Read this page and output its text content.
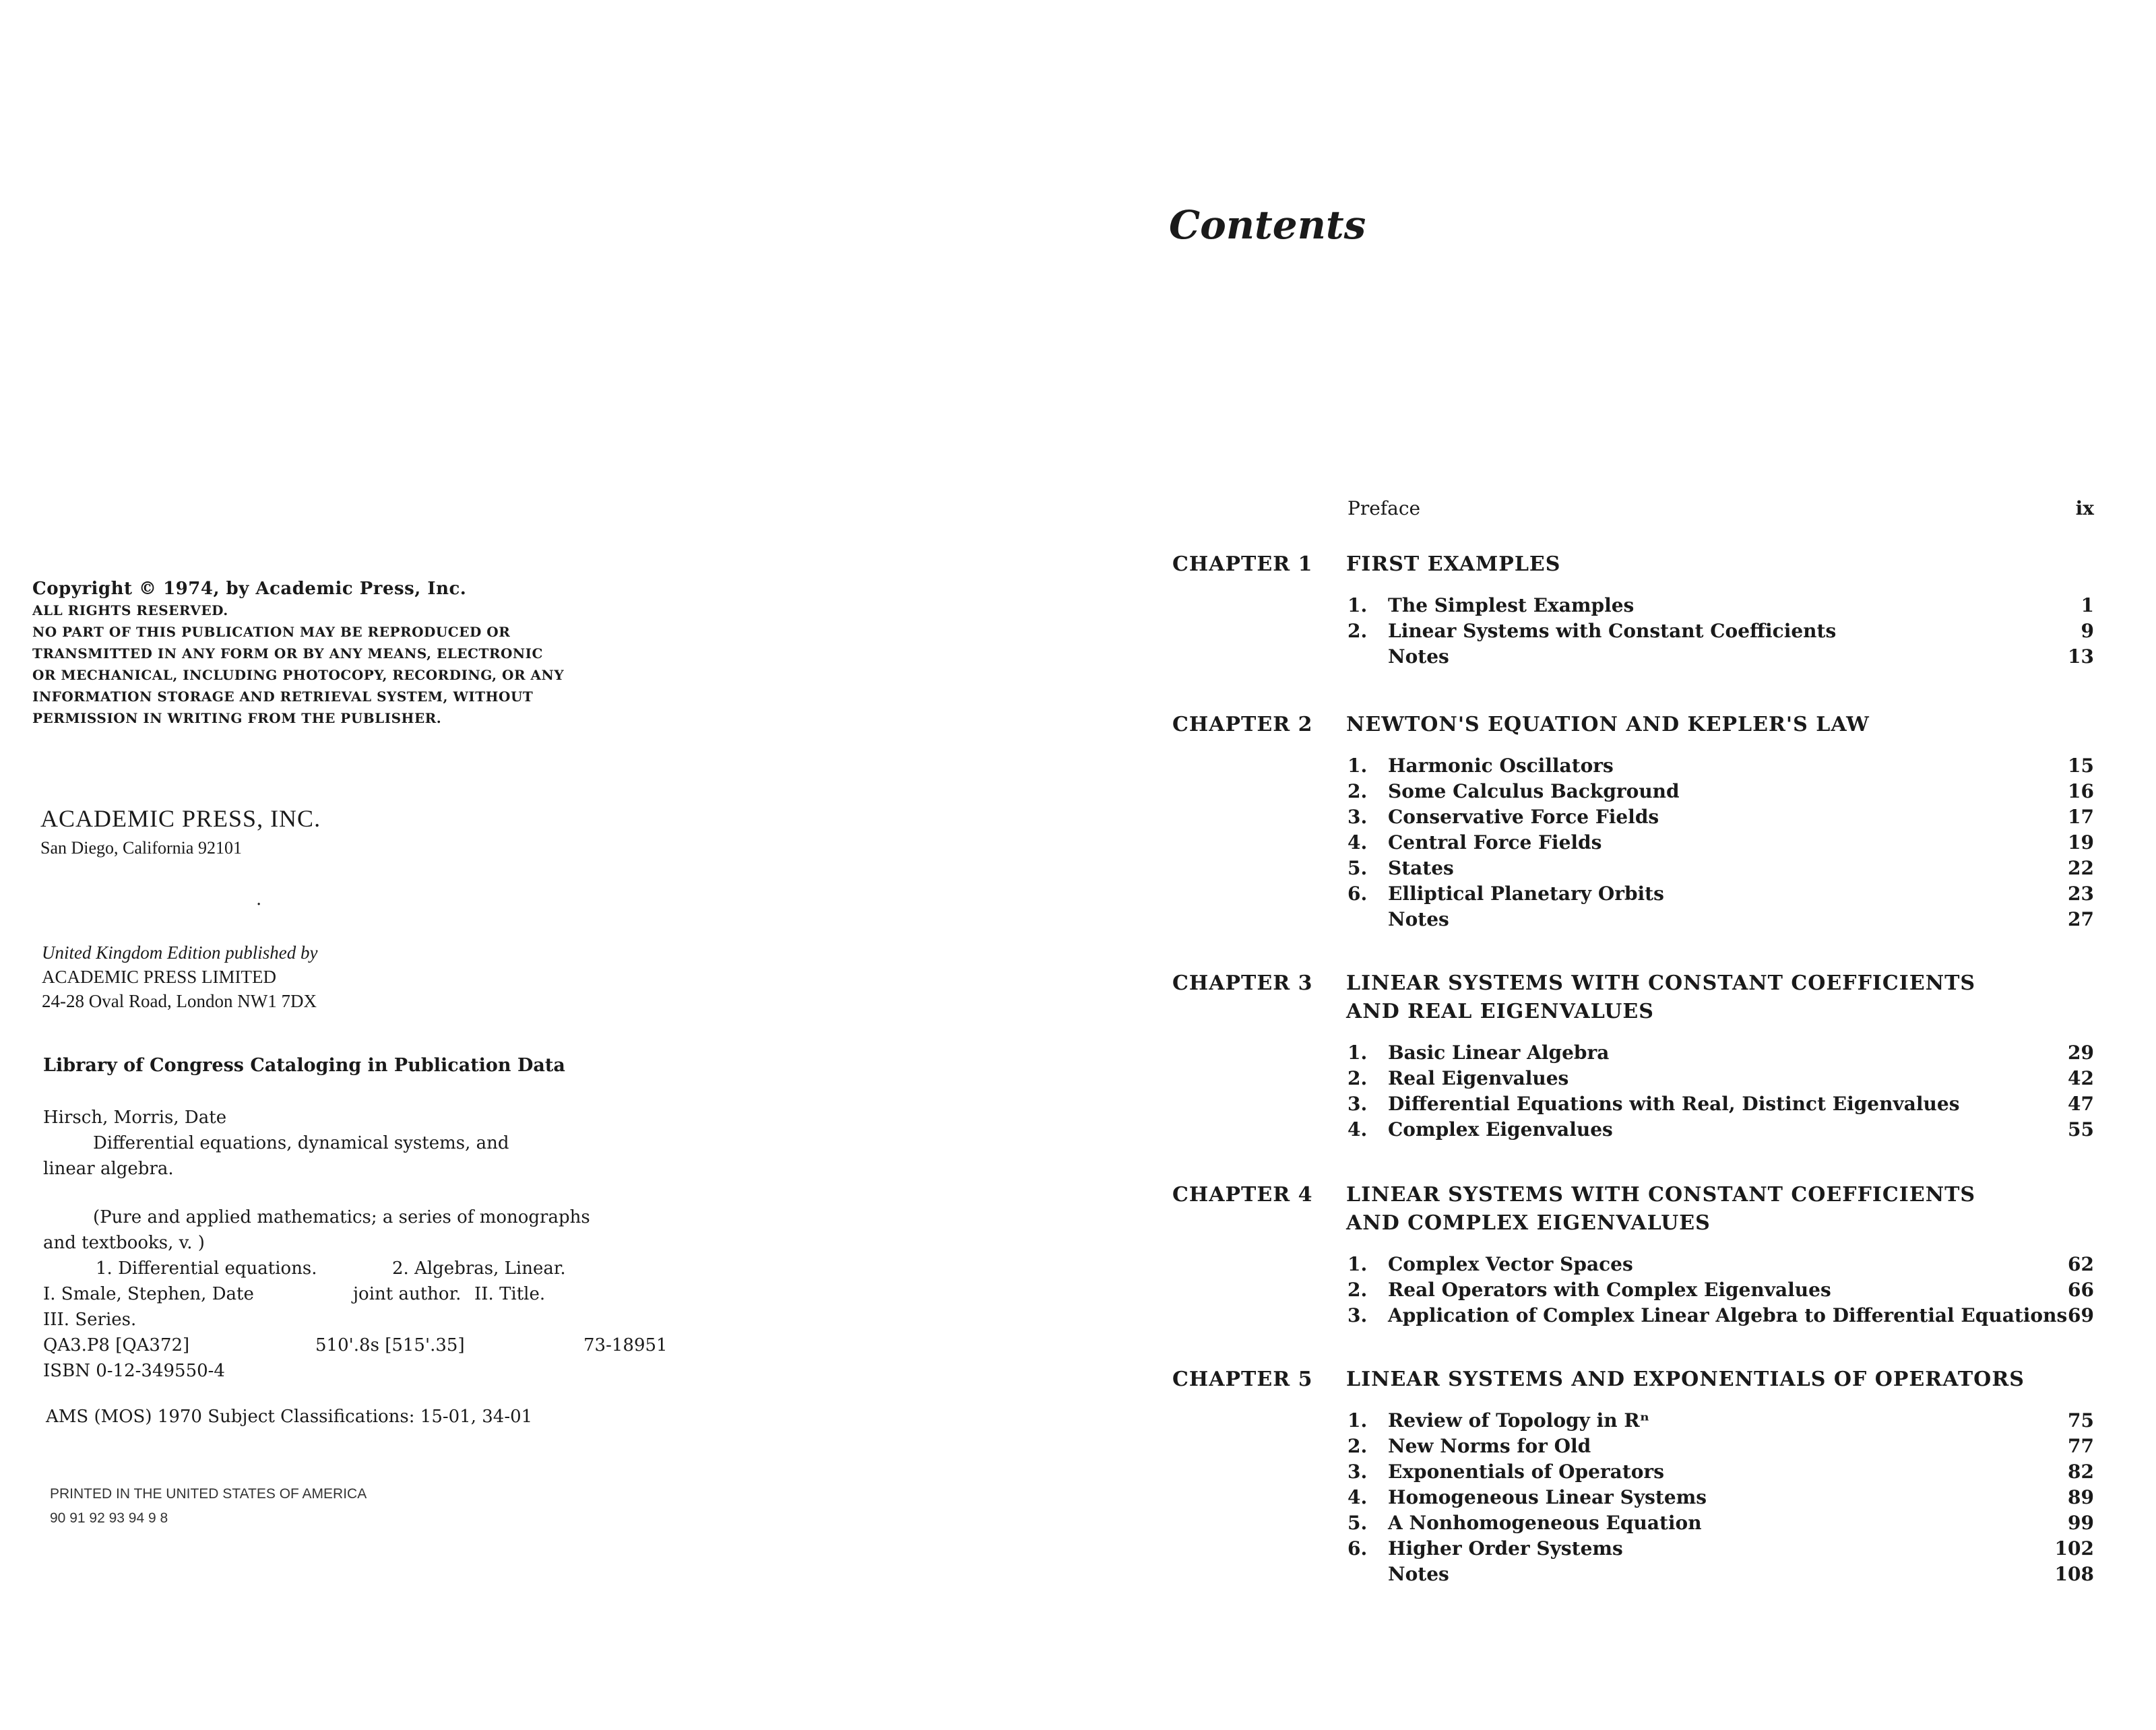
Copyright © 1974, by Academic Press, Inc.
ALL RIGHTS RESERVED.
NO PART OF THIS PUBLICATION MAY BE REPRODUCED OR
TRANSMITTED IN ANY FORM OR BY ANY MEANS, ELECTRONIC
OR MECHANICAL, INCLUDING PHOTOCOPY, RECORDING, OR ANY
INFORMATION STORAGE AND RETRIEVAL SYSTEM, WITHOUT
PERMISSION IN WRITING FROM THE PUBLISHER.
ACADEMIC PRESS, INC.
San Diego, California 92101
.
United Kingdom Edition published by
ACADEMIC PRESS LIMITED
24-28 Oval Road, London NW1 7DX
Library of Congress Cataloging in Publication Data
Hirsch, Morris, Date
Differential equations, dynamical systems, and
linear algebra.
(Pure and applied mathematics; a series of monographs
and textbooks, v. )
1. Differential equations.	2. Algebras, Linear.
I. Smale, Stephen, Date	joint author. II. Title.
III. Series.
QA3.P8 [QA372]	510'.8s [515'.35]	73-18951
ISBN 0-12-349550-4
AMS (MOS) 1970 Subject Classifications: 15-01, 34-01
PRINTED IN THE UNITED STATES OF AMERICA
90 91 92 93 94 9 8
Contents
Preface	ix
CHAPTER 1 FIRST EXAMPLES
1. The Simplest Examples	1
2. Linear Systems with Constant Coefficients	9
Notes	13
CHAPTER 2 NEWTON'S EQUATION AND KEPLER'S LAW
1. Harmonic Oscillators	15
2. Some Calculus Background	16
3. Conservative Force Fields	17
4. Central Force Fields	19
5. States	22
6. Elliptical Planetary Orbits	23
Notes	27
CHAPTER 3 LINEAR SYSTEMS WITH CONSTANT COEFFICIENTS
AND REAL EIGENVALUES
1. Basic Linear Algebra	29
2. Real Eigenvalues	42
3. Differential Equations with Real, Distinct Eigenvalues	47
4. Complex Eigenvalues	55
CHAPTER 4 LINEAR SYSTEMS WITH CONSTANT COEFFICIENTS
AND COMPLEX EIGENVALUES
1. Complex Vector Spaces	62
2. Real Operators with Complex Eigenvalues	66
3. Application of Complex Linear Algebra to Differential Equations 69
CHAPTER 5 LINEAR SYSTEMS AND EXPONENTIALS OF OPERATORS
1. Review of Topology in Rⁿ	75
2. New Norms for Old	77
3. Exponentials of Operators	82
4. Homogeneous Linear Systems	89
5. A Nonhomogeneous Equation	99
6. Higher Order Systems	102
Notes	108
